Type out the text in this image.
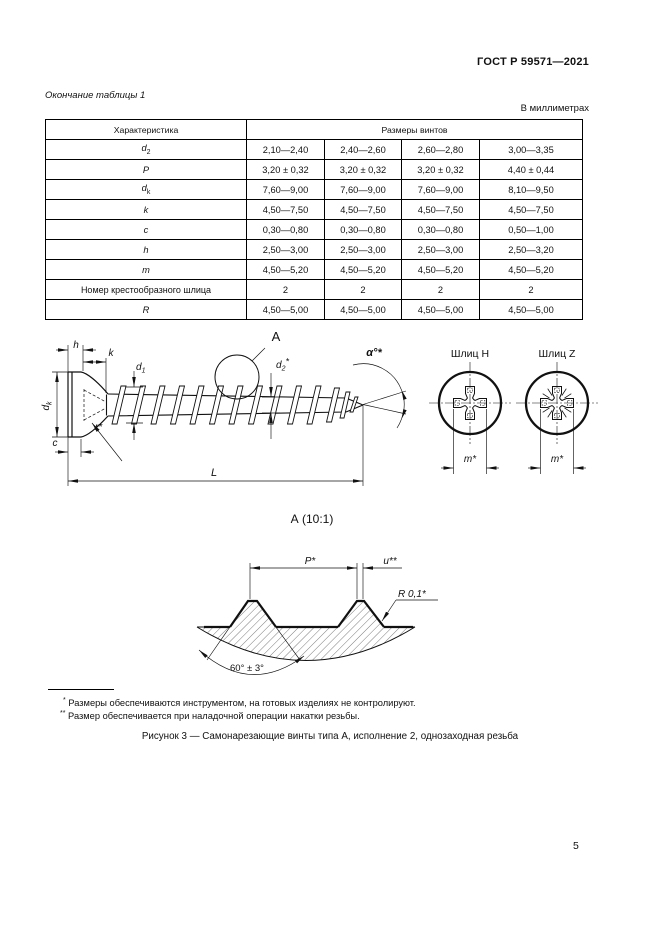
ГОСТ Р 59571—2021
Окончание таблицы 1
В миллиметрах
Характеристика	Размеры винтов			
$d_2$	2,10—2,40	2,40—2,60	2,60—2,80	3,00—3,35
P	3,20 ± 0,32	3,20 ± 0,32	3,20 ± 0,32	4,40 ± 0,44
$d_k$	7,60—9,00	7,60—9,00	7,60—9,00	8,10—9,50
k	4,50—7,50	4,50—7,50	4,50—7,50	4,50—7,50
c	0,30—0,80	0,30—0,80	0,30—0,80	0,50—1,00
h	2,50—3,00	2,50—3,00	2,50—3,00	2,50—3,20
m	4,50—5,20	4,50—5,20	4,50—5,20	4,50—5,20
Номер крестообразного шлица	2	2	2	2
R	4,50—5,00	4,50—5,00	4,50—5,00	4,50—5,00
h
k
$d_1$	$d_2*$
$d_k$
c
r*
L
α°*
А
Шлиц H
m*
Шлиц Z
m*
А (10:1)
P*	u**
R 0,1*
60° ± 3°
* Размеры обеспечиваются инструментом, на готовых изделиях не контролируют.
** Размер обеспечивается при наладочной операции накатки резьбы.
Рисунок 3 — Самонарезающие винты типа А, исполнение 2, однозаходная резьба
5
